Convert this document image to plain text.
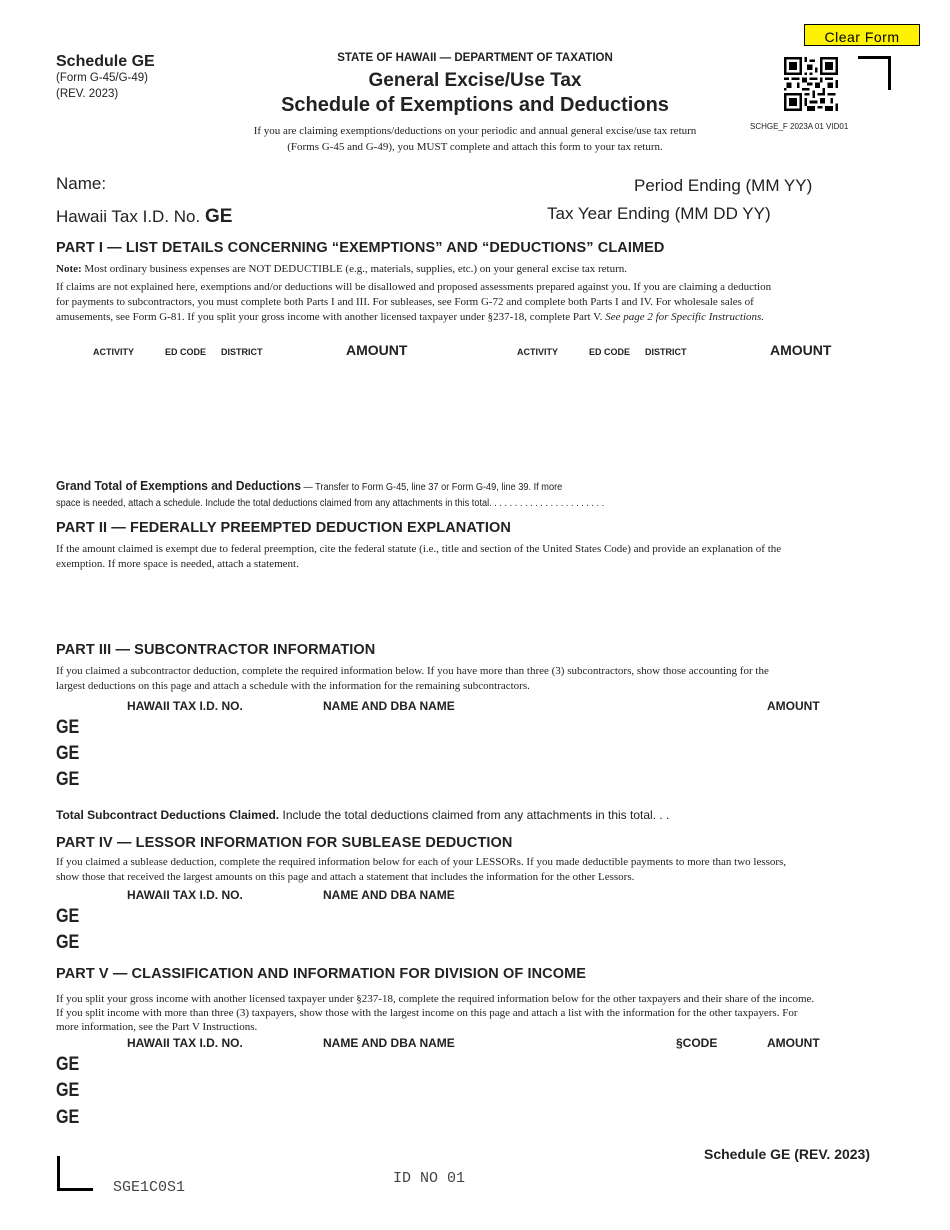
Schedule GE
(Form G-45/G-49)
(REV. 2023)
STATE OF HAWAII — DEPARTMENT OF TAXATION
General Excise/Use Tax
Schedule of Exemptions and Deductions
If you are claiming exemptions/deductions on your periodic and annual general excise/use tax return
(Forms G-45 and G-49), you MUST complete and attach this form to your tax return.
Clear Form
SCHGE_F 2023A 01 VID01
Name:	Period Ending (MM YY)
Hawaii Tax I.D. No. GE	Tax Year Ending (MM DD YY)
PART I — LIST DETAILS CONCERNING “EXEMPTIONS” AND “DEDUCTIONS” CLAIMED
Note: Most ordinary business expenses are NOT DEDUCTIBLE (e.g., materials, supplies, etc.) on your general excise tax return.
If claims are not explained here, exemptions and/or deductions will be disallowed and proposed assessments prepared against you. If you are claiming a deduction
for payments to subcontractors, you must complete both Parts I and III. For subleases, see Form G-72 and complete both Parts I and IV. For wholesale sales of
amusements, see Form G-81. If you split your gross income with another licensed taxpayer under §237-18, complete Part V. See page 2 for Specific Instructions.
ACTIVITY	ED CODE DISTRICT	AMOUNT	ACTIVITY	ED CODE DISTRICT	AMOUNT
Grand Total of Exemptions and Deductions — Transfer to Form G-45, line 37 or Form G-49, line 39. If more
space is needed, attach a schedule. Include the total deductions claimed from any attachments in this total. . . . . . . . . . . . . . . . . . . . . . .
PART II — FEDERALLY PREEMPTED DEDUCTION EXPLANATION
If the amount claimed is exempt due to federal preemption, cite the federal statute (i.e., title and section of the United States Code) and provide an explanation of the
exemption. If more space is needed, attach a statement.
PART III — SUBCONTRACTOR INFORMATION
If you claimed a subcontractor deduction, complete the required information below. If you have more than three (3) subcontractors, show those accounting for the
largest deductions on this page and attach a schedule with the information for the remaining subcontractors.
HAWAII TAX I.D. NO.	NAME AND DBA NAME	AMOUNT
GE
GE
GE
Total Subcontract Deductions Claimed. Include the total deductions claimed from any attachments in this total. . .
PART IV — LESSOR INFORMATION FOR SUBLEASE DEDUCTION
If you claimed a sublease deduction, complete the required information below for each of your LESSORs. If you made deductible payments to more than two lessors,
show those that received the largest amounts on this page and attach a statement that includes the information for the other Lessors.
HAWAII TAX I.D. NO.	NAME AND DBA NAME
GE
GE
PART V — CLASSIFICATION AND INFORMATION FOR DIVISION OF INCOME
If you split your gross income with another licensed taxpayer under §237-18, complete the required information below for the other taxpayers and their share of the income.
If you split income with more than three (3) taxpayers, show those with the largest income on this page and attach a list with the information for the other taxpayers. For
more information, see the Part V Instructions.
HAWAII TAX I.D. NO.	NAME AND DBA NAME	§CODE	AMOUNT
GE
GE
GE
Schedule GE (REV. 2023)
SGE1C0S1
ID NO 01
